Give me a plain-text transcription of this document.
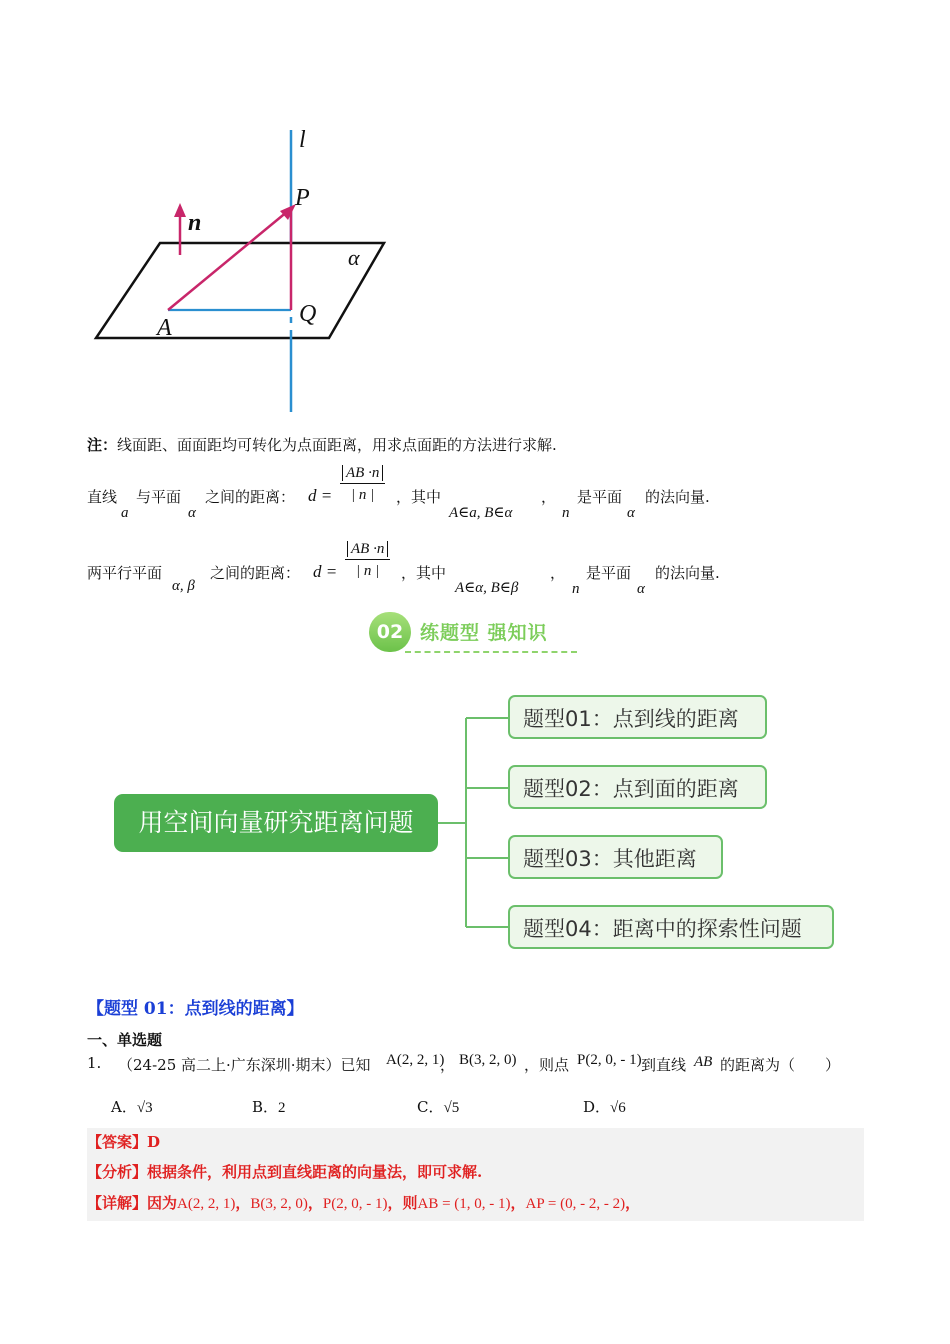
l
P
n
α
A
Q
注：线面距、面面距均可转化为点面距离，用求点面距的方法进行求解.
直线
a
与平面
α
之间的距离： $d = \frac{AB \cdot n}{| n |}$ ，其中
A∈a, B∈α
，
n
是平面
α
的法向量.
两平行平面
α, β
之间的距离： $d = \frac{AB \cdot n}{| n |}$ ，其中
A∈α, B∈β
，
n
是平面
α
的法向量.
02 练题型 强知识
用空间向量研究距离问题
题型01：点到线的距离
题型02：点到面的距离
题型03：其他距离
题型04：距离中的探索性问题
【题型 01：点到线的距离】
一、单选题
1. （24-25 高二上·广东深圳·期末）已知 A(2, 2, 1)
， B(3, 2, 0) ，则点 P(2, 0, - 1) 到直线 AB 的距离为（　　）
A．√3	B．2	C．√5	D．√6
【答案】D
【分析】根据条件，利用点到直线距离的向量法，即可求解.
【详解】因为A(2, 2, 1)，B(3, 2, 0)，P(2, 0, - 1)，则AB = (1, 0, - 1)，AP = (0, - 2, - 2)，
